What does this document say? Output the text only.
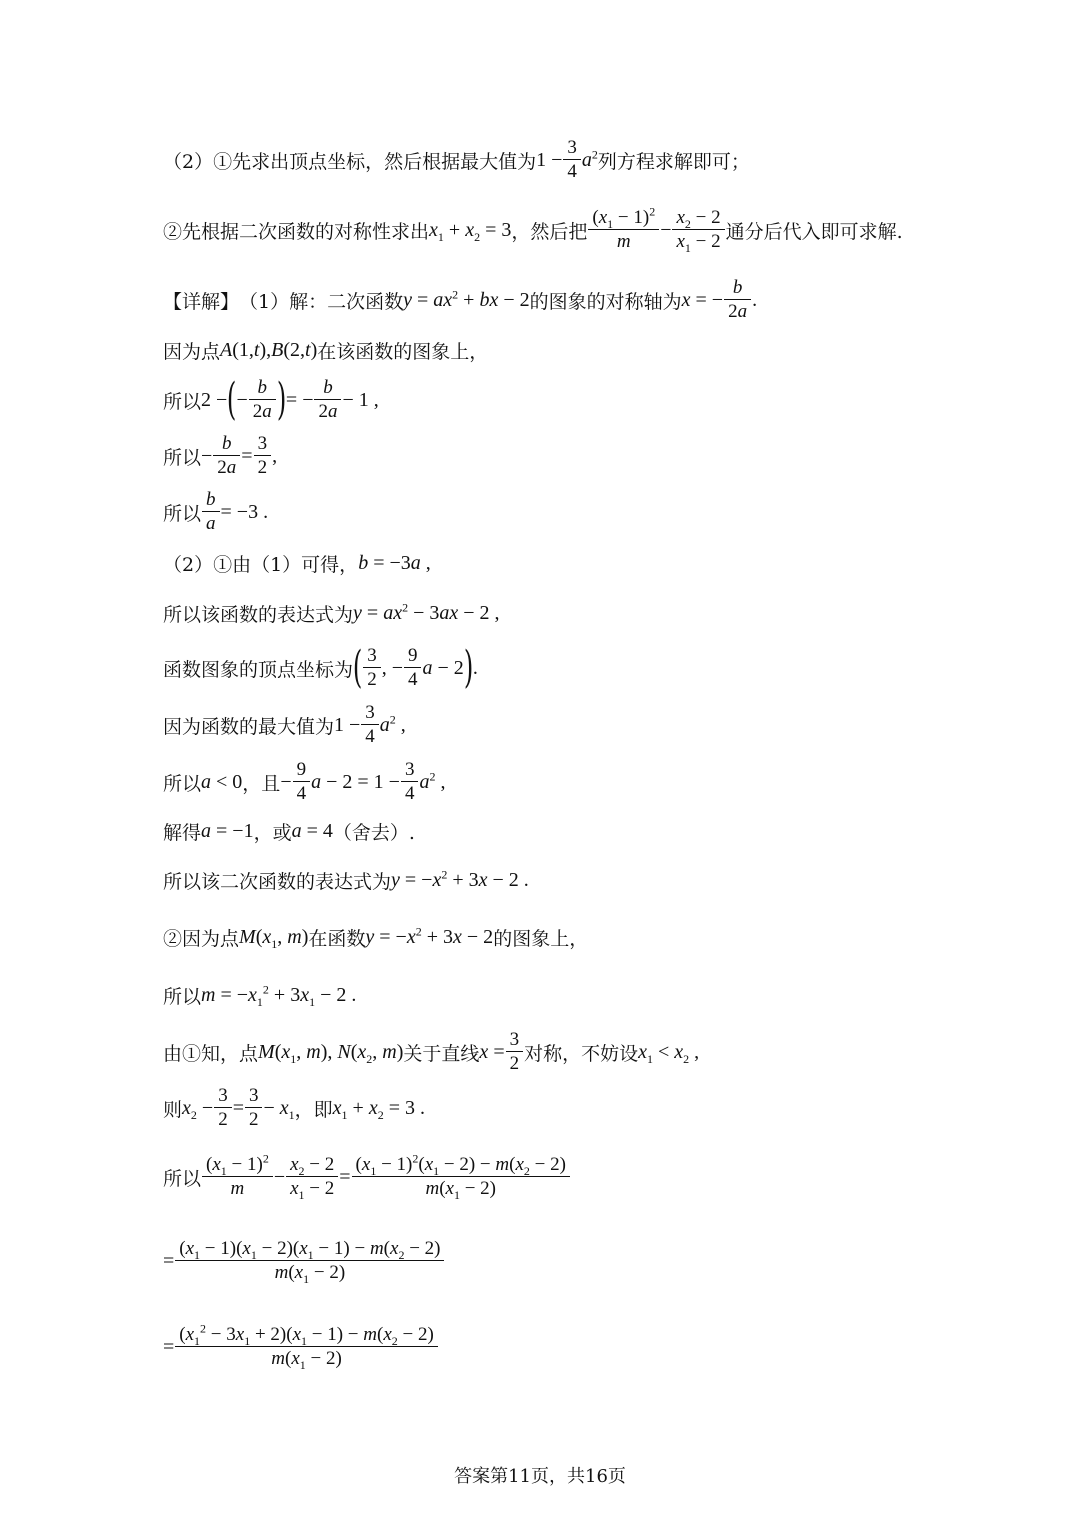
（2）①先求出顶点坐标，然后根据最大值为 $1 - \frac{3}{4} a^2$ 列方程求解即可；
②先根据二次函数的对称性求出 $x_1 + x_2 = 3$ ，然后把 $\frac{(x_1 - 1)^2}{m} - \frac{x_2 - 2}{x_1 - 2}$ 通分后代入即可求解.
【详解】 （1）解：二次函数 $y = ax^2$ + bx − 2 的图象的对称轴为 x = − $\frac{b}{2a}$ .
因为点 A(1,t),B(2,t) 在该函数的图象上，
所以 2 − ( − $\frac{b}{2a}$ ) = − $\frac{b}{2a} - 1$ ,
所以 − $\frac{b}{2a} = \frac{3}{2}$ ,
所以 $\frac{b}{a} = -3$ .
（2）①由（1）可得， b = −3a ,
所以该函数的表达式为 $y = ax^2 - 3ax - 2$ ,
函数图象的顶点坐标为 ( $\frac{3}{2}$ , − $\frac{9}{4}$ a − 2 ) .
因为函数的最大值为 $1 - \frac{3}{4} a^2$ ,
所以 a < 0 ，且 − $\frac{9}{4}$ $a - 2 = 1 - \frac{3}{4} a^2$ ,
解得 a = −1 ，或 a = 4 （舍去）.
所以该二次函数的表达式为 $y = -x^2 + 3x - 2$ .
②因为点 $M(x_1$, m) 在函数 $y = -x^2 + 3x - 2$ 的图象上，
所以 $m = -x_1^2 + 3x_1 - 2$ .
由①知，点 $M(x_1$, m), $N(x_2$, m) 关于直线 $x = \frac{3}{2}$ 对称，不妨设 $x_1 < x_2$ ,
则 $x_2 - \frac{3}{2} = \frac{3}{2} - x_1$ ，即 $x_1 + x_2 = 3$ .
所以 $\frac{(x_1 - 1)^2}{m} - \frac{x_2 - 2}{x_1 - 2} = \frac{(x_1 - 1)^2(x_1 - 2) - m(x_2 - 2)}{m(x_1 - 2)}$
= $\frac{(x_1 - 1)(x_1 - 2)(x_1 - 1) - m(x_2 - 2)}{m(x_1 - 2)}$
= $\frac{(x_1^2 - 3x_1 + 2)(x_1 - 1) - m(x_2 - 2)}{m(x_1 - 2)}$
答案第11页，共16页
